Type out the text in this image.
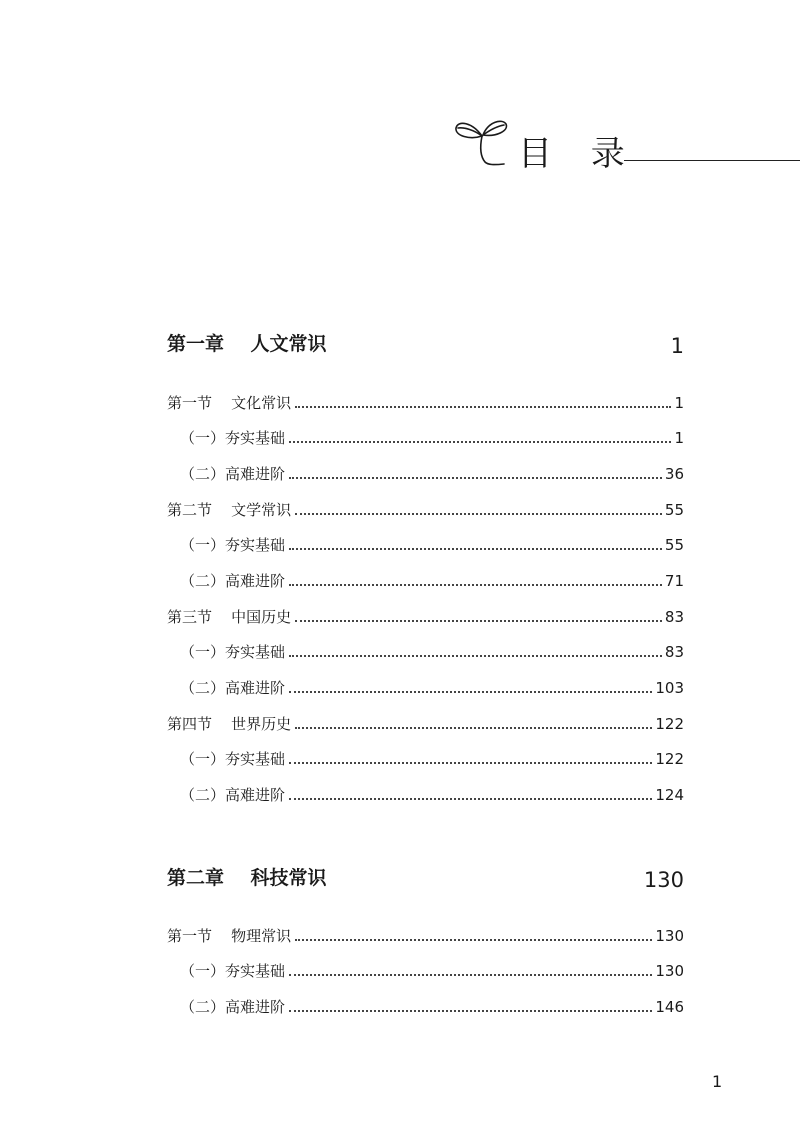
目 录
第一章    人文常识	1
第一节    文化常识	1
（一）夯实基础	1
（二）高难进阶	36
第二节    文学常识	55
（一）夯实基础	55
（二）高难进阶	71
第三节    中国历史	83
（一）夯实基础	83
（二）高难进阶	103
第四节    世界历史	122
（一）夯实基础	122
（二）高难进阶	124
第二章    科技常识	130
第一节    物理常识	130
（一）夯实基础	130
（二）高难进阶	146
1
